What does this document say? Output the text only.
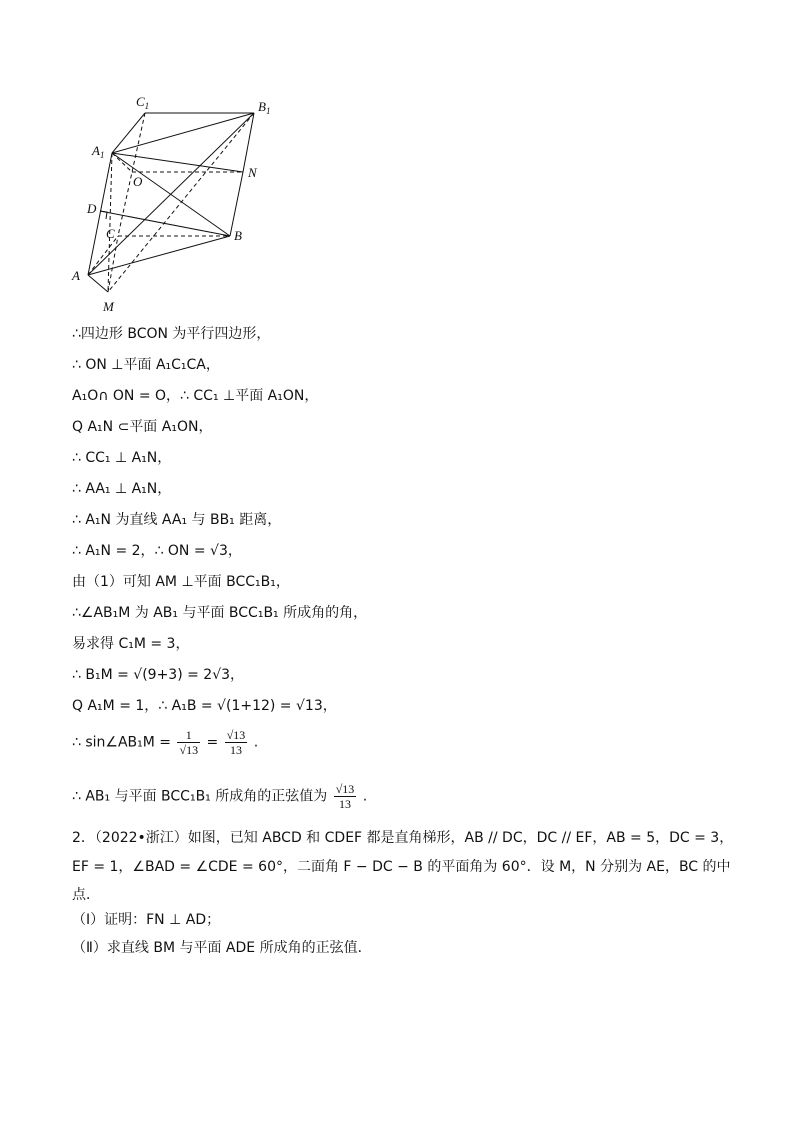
$C_1$	$B_1$
$A_1$
N
O
D
C	B
A
M
∴四边形 BCON 为平行四边形，
∴ ON ⊥平面 A₁C₁CA，
A₁O∩ ON = O，∴ CC₁ ⊥平面 A₁ON，
Q A₁N ⊂平面 A₁ON，
∴ CC₁ ⊥ A₁N，
∴ AA₁ ⊥ A₁N，
∴ A₁N 为直线 AA₁ 与 BB₁ 距离，
∴ A₁N = 2，∴ ON = √3，
由（1）可知 AM ⊥平面 BCC₁B₁，
∴∠AB₁M 为 AB₁ 与平面 BCC₁B₁ 所成角的角，
易求得 C₁M = 3，
∴ B₁M = √(9+3) = 2√3，
Q A₁M = 1，∴ A₁B = √(1+12) = √13，
∴ sin∠AB₁M = $\frac{1}{√13} = \frac{√13}{13}$ .
∴ AB₁ 与平面 BCC₁B₁ 所成角的正弦值为 $\frac{√13}{13}$ .
2．（2022•浙江）如图，已知 ABCD 和 CDEF 都是直角梯形，AB // DC，DC // EF，AB = 5，DC = 3，
EF = 1，∠BAD = ∠CDE = 60°，二面角 F − DC − B 的平面角为 60°．设 M，N 分别为 AE，BC 的中
点．
（Ⅰ）证明：FN ⊥ AD；
（Ⅱ）求直线 BM 与平面 ADE 所成角的正弦值．
